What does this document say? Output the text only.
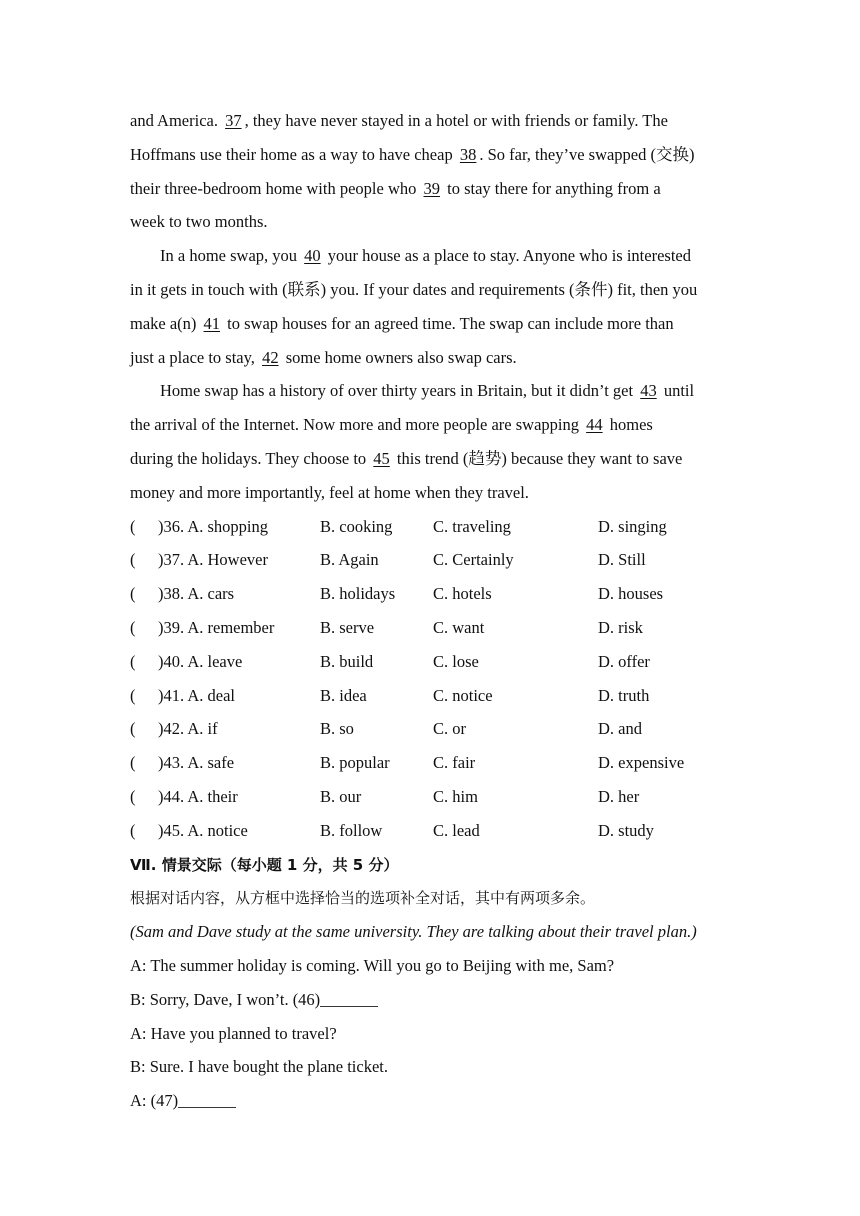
and America. 37 , they have never stayed in a hotel or with friends or family. The
Hoffmans use their home as a way to have cheap 38 . So far, they’ve swapped (交换)
their three-bedroom home with people who 39 to stay there for anything from a
week to two months.
In a home swap, you 40 your house as a place to stay. Anyone who is interested
in it gets in touch with (联系) you. If your dates and requirements (条件) fit, then you
make a(n) 41 to swap houses for an agreed time. The swap can include more than
just a place to stay, 42 some home owners also swap cars.
Home swap has a history of over thirty years in Britain, but it didn’t get 43 until
the arrival of the Internet. Now more and more people are swapping 44 homes
during the holidays. They choose to 45 this trend (趋势) because they want to save
money and more importantly, feel at home when they travel.
( )36. A. shopping	B. cooking C. traveling	D. singing
( )37. A. However	B. Again	C. Certainly	D. Still
( )38. A. cars	B. holidays C. hotels	D. houses
( )39. A. remember	B. serve	C. want	D. risk
( )40. A. leave	B. build	C. lose	D. offer
( )41. A. deal	B. idea	C. notice	D. truth
( )42. A. if	B. so	C. or	D. and
( )43. A. safe	B. popular	C. fair	D. expensive
( )44. A. their	B. our	C. him	D. her
( )45. A. notice	B. follow	C. lead	D. study
Ⅶ. 情景交际（每小题 1 分，共 5 分）
根据对话内容，从方框中选择恰当的选项补全对话，其中有两项多余。
(Sam and Dave study at the same university. They are talking about their travel plan.)
A: The summer holiday is coming. Will you go to Beijing with me, Sam?
B: Sorry, Dave, I won’t. (46)_______
A: Have you planned to travel?
B: Sure. I have bought the plane ticket.
A: (47)_______
